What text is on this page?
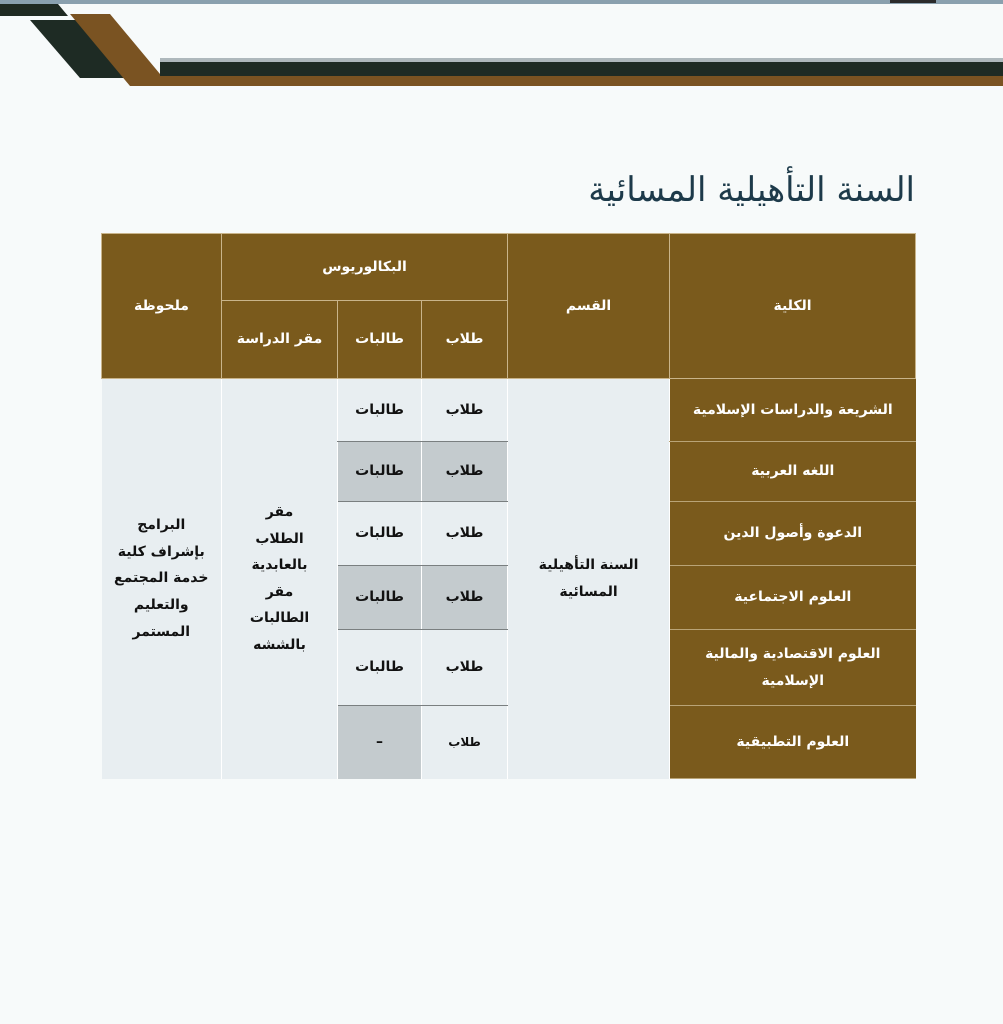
السنة التأهيلية المسائية
الكلية	القسم	البكالوريوس			ملحوظة
		طلاب	طالبات	مقر الدراسة	
الشريعة والدراسات الإسلامية	السنة التأهيلية المسائية	طلاب	طالبات	مقر الطلاب بالعابدية مقر الطالبات بالششه	البرامج بإشراف كلية خدمة المجتمع والتعليم المستمر
اللغه العربية		طلاب	طالبات		
الدعوة وأصول الدين		طلاب	طالبات		
العلوم الاجتماعية		طلاب	طالبات		
العلوم الاقتصادية والمالية الإسلامية		طلاب	طالبات		
العلوم التطبيقية		طلاب	–		
